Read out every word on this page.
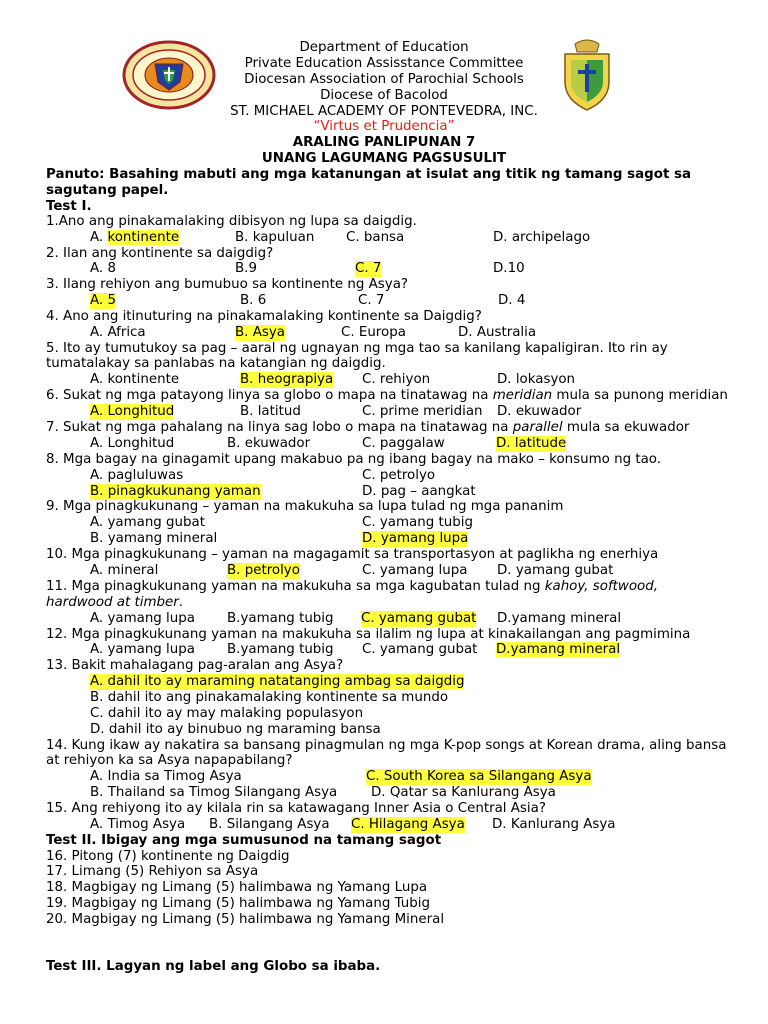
Department of Education
Private Education Assisstance Committee
Diocesan Association of Parochial Schools
Diocese of Bacolod
ST. MICHAEL ACADEMY OF PONTEVEDRA, INC.
“Virtus et Prudencia”
ARALING PANLIPUNAN 7
UNANG LAGUMANG PAGSUSULIT
Panuto: Basahing mabuti ang mga katanungan at isulat ang titik ng tamang sagot sa
sagutang papel.
Test I.
1.Ano ang pinakamalaking dibisyon ng lupa sa daigdig.
A. kontinente	B. kapuluan C. bansa	D. archipelago
2. Ilan ang kontinente sa daigdig?
A. 8	B.9	C. 7	D.10
3. Ilang rehiyon ang bumubuo sa kontinente ng Asya?
A. 5	B. 6	C. 7	D. 4
4. Ano ang itinuturing na pinakamalaking kontinente sa Daigdig?
A. Africa	B. Asya	C. Europa	D. Australia
5. Ito ay tumutukoy sa pag – aaral ng ugnayan ng mga tao sa kanilang kapaligiran. Ito rin ay
tumatalakay sa panlabas na katangian ng daigdig.
A. kontinente	B. heograpiya C. rehiyon	D. lokasyon
6. Sukat ng mga patayong linya sa globo o mapa na tinatawag na meridian mula sa punong meridian
A. Longhitud	B. latitud	C. prime meridian D. ekuwador
7. Sukat ng mga pahalang na linya sag lobo o mapa na tinatawag na parallel mula sa ekuwador
A. Longhitud	B. ekuwador	C. paggalaw	D. latitude
8. Mga bagay na ginagamit upang makabuo pa ng ibang bagay na mako – konsumo ng tao.
A. pagluluwas	C. petrolyo
B. pinagkukunang yaman	D. pag – aangkat
9. Mga pinagkukunang – yaman na makukuha sa lupa tulad ng mga pananim
A. yamang gubat	C. yamang tubig
B. yamang mineral	D. yamang lupa
10. Mga pinagkukunang – yaman na magagamit sa transportasyon at paglikha ng enerhiya
A. mineral	B. petrolyo	C. yamang lupa D. yamang gubat
11. Mga pinagkukunang yaman na makukuha sa mga kagubatan tulad ng kahoy, softwood,
hardwood at timber.
A. yamang lupa B.yamang tubig C. yamang gubat D.yamang mineral
12. Mga pinagkukunang yaman na makukuha sa ilalim ng lupa at kinakailangan ang pagmimina
A. yamang lupa B.yamang tubig C. yamang gubat D.yamang mineral
13. Bakit mahalagang pag-aralan ang Asya?
A. dahil ito ay maraming natatanging ambag sa daigdig
B. dahil ito ang pinakamalaking kontinente sa mundo
C. dahil ito ay may malaking populasyon
D. dahil ito ay binubuo ng maraming bansa
14. Kung ikaw ay nakatira sa bansang pinagmulan ng mga K-pop songs at Korean drama, aling bansa
at rehiyon ka sa Asya napapabilang?
A. India sa Timog Asya	C. South Korea sa Silangang Asya
B. Thailand sa Timog Silangang Asya	D. Qatar sa Kanlurang Asya
15. Ang rehiyong ito ay kilala rin sa katawagang Inner Asia o Central Asia?
A. Timog Asya B. Silangang Asya C. Hilagang Asya D. Kanlurang Asya
Test II. Ibigay ang mga sumusunod na tamang sagot
16. Pitong (7) kontinente ng Daigdig
17. Limang (5) Rehiyon sa Asya
18. Magbigay ng Limang (5) halimbawa ng Yamang Lupa
19. Magbigay ng Limang (5) halimbawa ng Yamang Tubig
20. Magbigay ng Limang (5) halimbawa ng Yamang Mineral
Test III. Lagyan ng label ang Globo sa ibaba.
